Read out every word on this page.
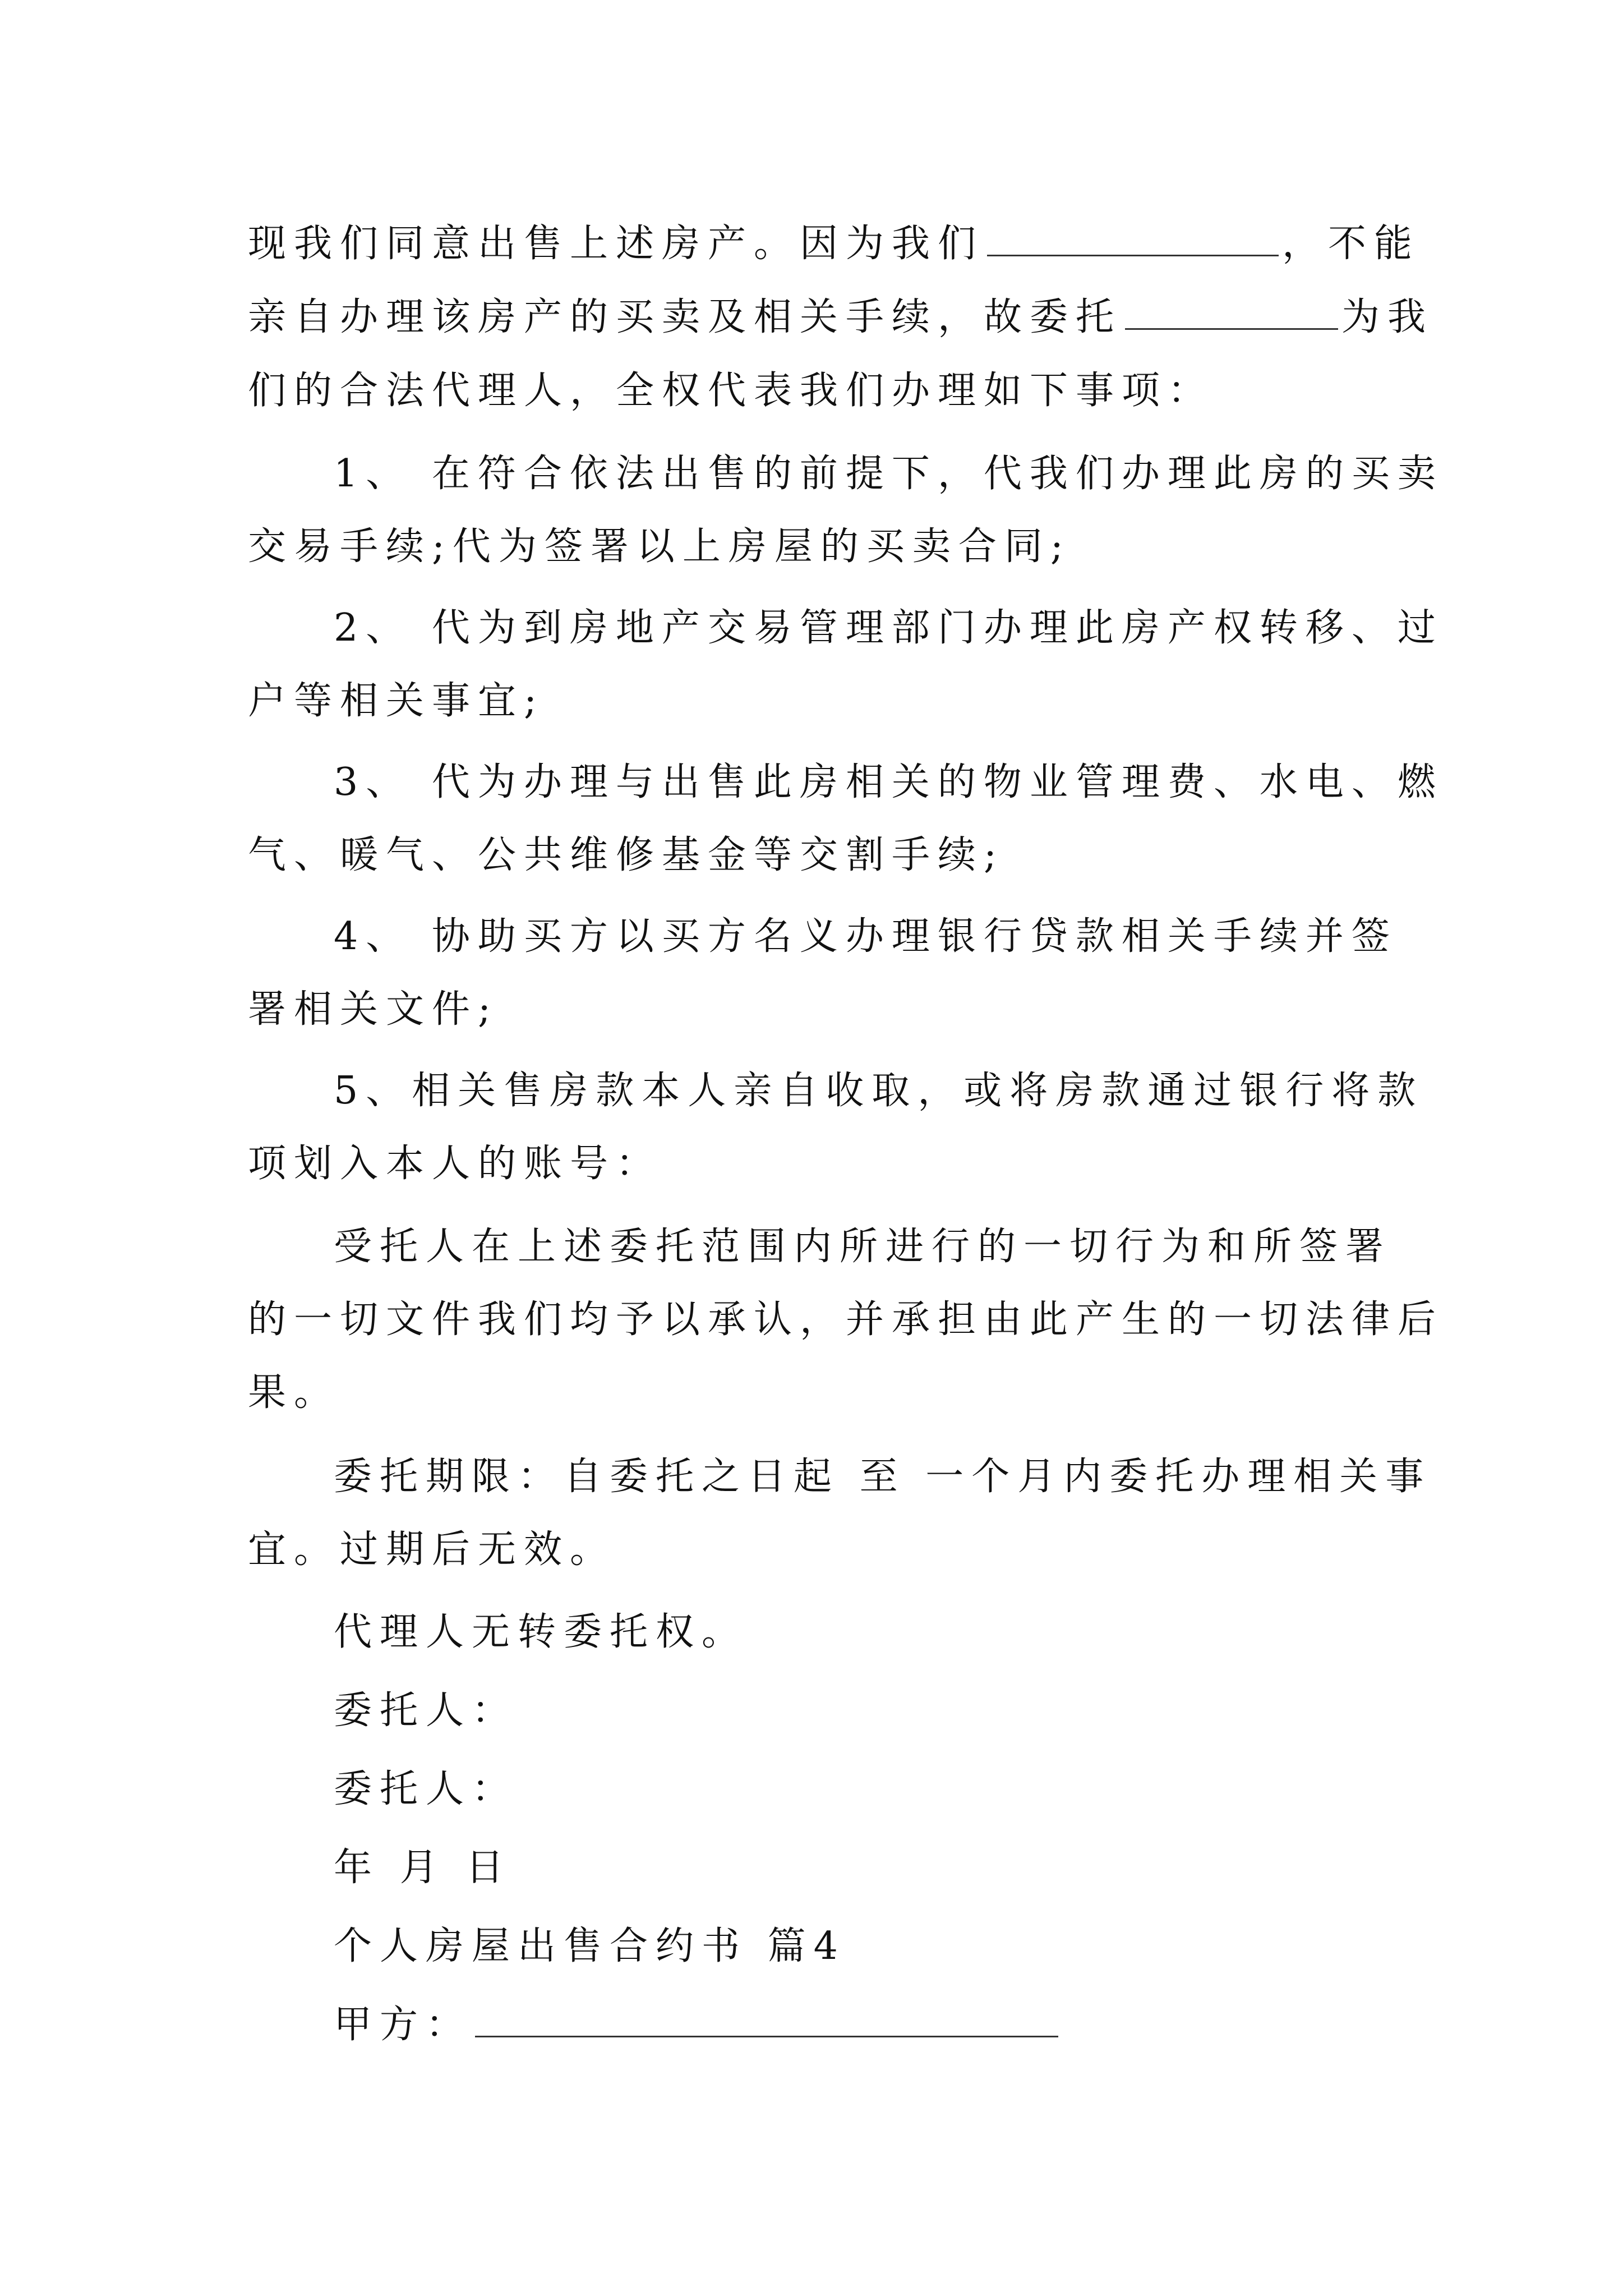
现我们同意出售上述房产。因为我们	，不能
亲自办理该房产的买卖及相关手续，故委托	为我
们的合法代理人，全权代表我们办理如下事项：
1、 在符合依法出售的前提下，代我们办理此房的买卖
交易手续;代为签署以上房屋的买卖合同;
2、 代为到房地产交易管理部门办理此房产权转移、过
户等相关事宜;
3、 代为办理与出售此房相关的物业管理费、水电、燃
气、暖气、公共维修基金等交割手续;
4、 协助买方以买方名义办理银行贷款相关手续并签
署相关文件;
5、相关售房款本人亲自收取，或将房款通过银行将款
项划入本人的账号：
受托人在上述委托范围内所进行的一切行为和所签署
的一切文件我们均予以承认，并承担由此产生的一切法律后
果。
委托期限：自委托之日起 至 一个月内委托办理相关事
宜。过期后无效。
代理人无转委托权。
委托人：
委托人：
年 月 日
个人房屋出售合约书 篇4
甲方：
